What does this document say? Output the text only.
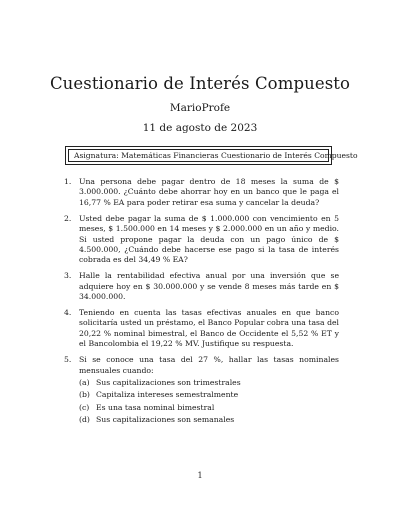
Cuestionario de Interés Compuesto
MarioProfe
11 de agosto de 2023
Asignatura: Matemáticas Financieras Cuestionario de Interés Compuesto
1. Una persona debe pagar dentro de 18 meses la suma de $ 3.000.000. ¿Cuánto debe ahorrar hoy en un banco que le paga el 16,77 % EA para poder retirar esa suma y cancelar la deuda?
2. Usted debe pagar la suma de $ 1.000.000 con vencimiento en 5 meses, $ 1.500.000 en 14 meses y $ 2.000.000 en un año y medio. Si usted propone pagar la deuda con un pago único de $ 4.500.000, ¿Cuándo debe hacerse ese pago si la tasa de interés cobrada es del 34,49 % EA?
3. Halle la rentabilidad efectiva anual por una inversión que se adquiere hoy en $ 30.000.000 y se vende 8 meses más tarde en $ 34.000.000.
4. Teniendo en cuenta las tasas efectivas anuales en que banco solicitaría usted un préstamo, el Banco Popular cobra una tasa del 20,22 % nominal bimestral, el Banco de Occidente el 5,52 % ET y el Bancolombia el 19,22 % MV. Justifique su respuesta.
5. Si se conoce una tasa del 27 %, hallar las tasas nominales mensuales cuando:
(a) Sus capitalizaciones son trimestrales
(b) Capitaliza intereses semestralmente
(c) Es una tasa nominal bimestral
(d) Sus capitalizaciones son semanales
1
